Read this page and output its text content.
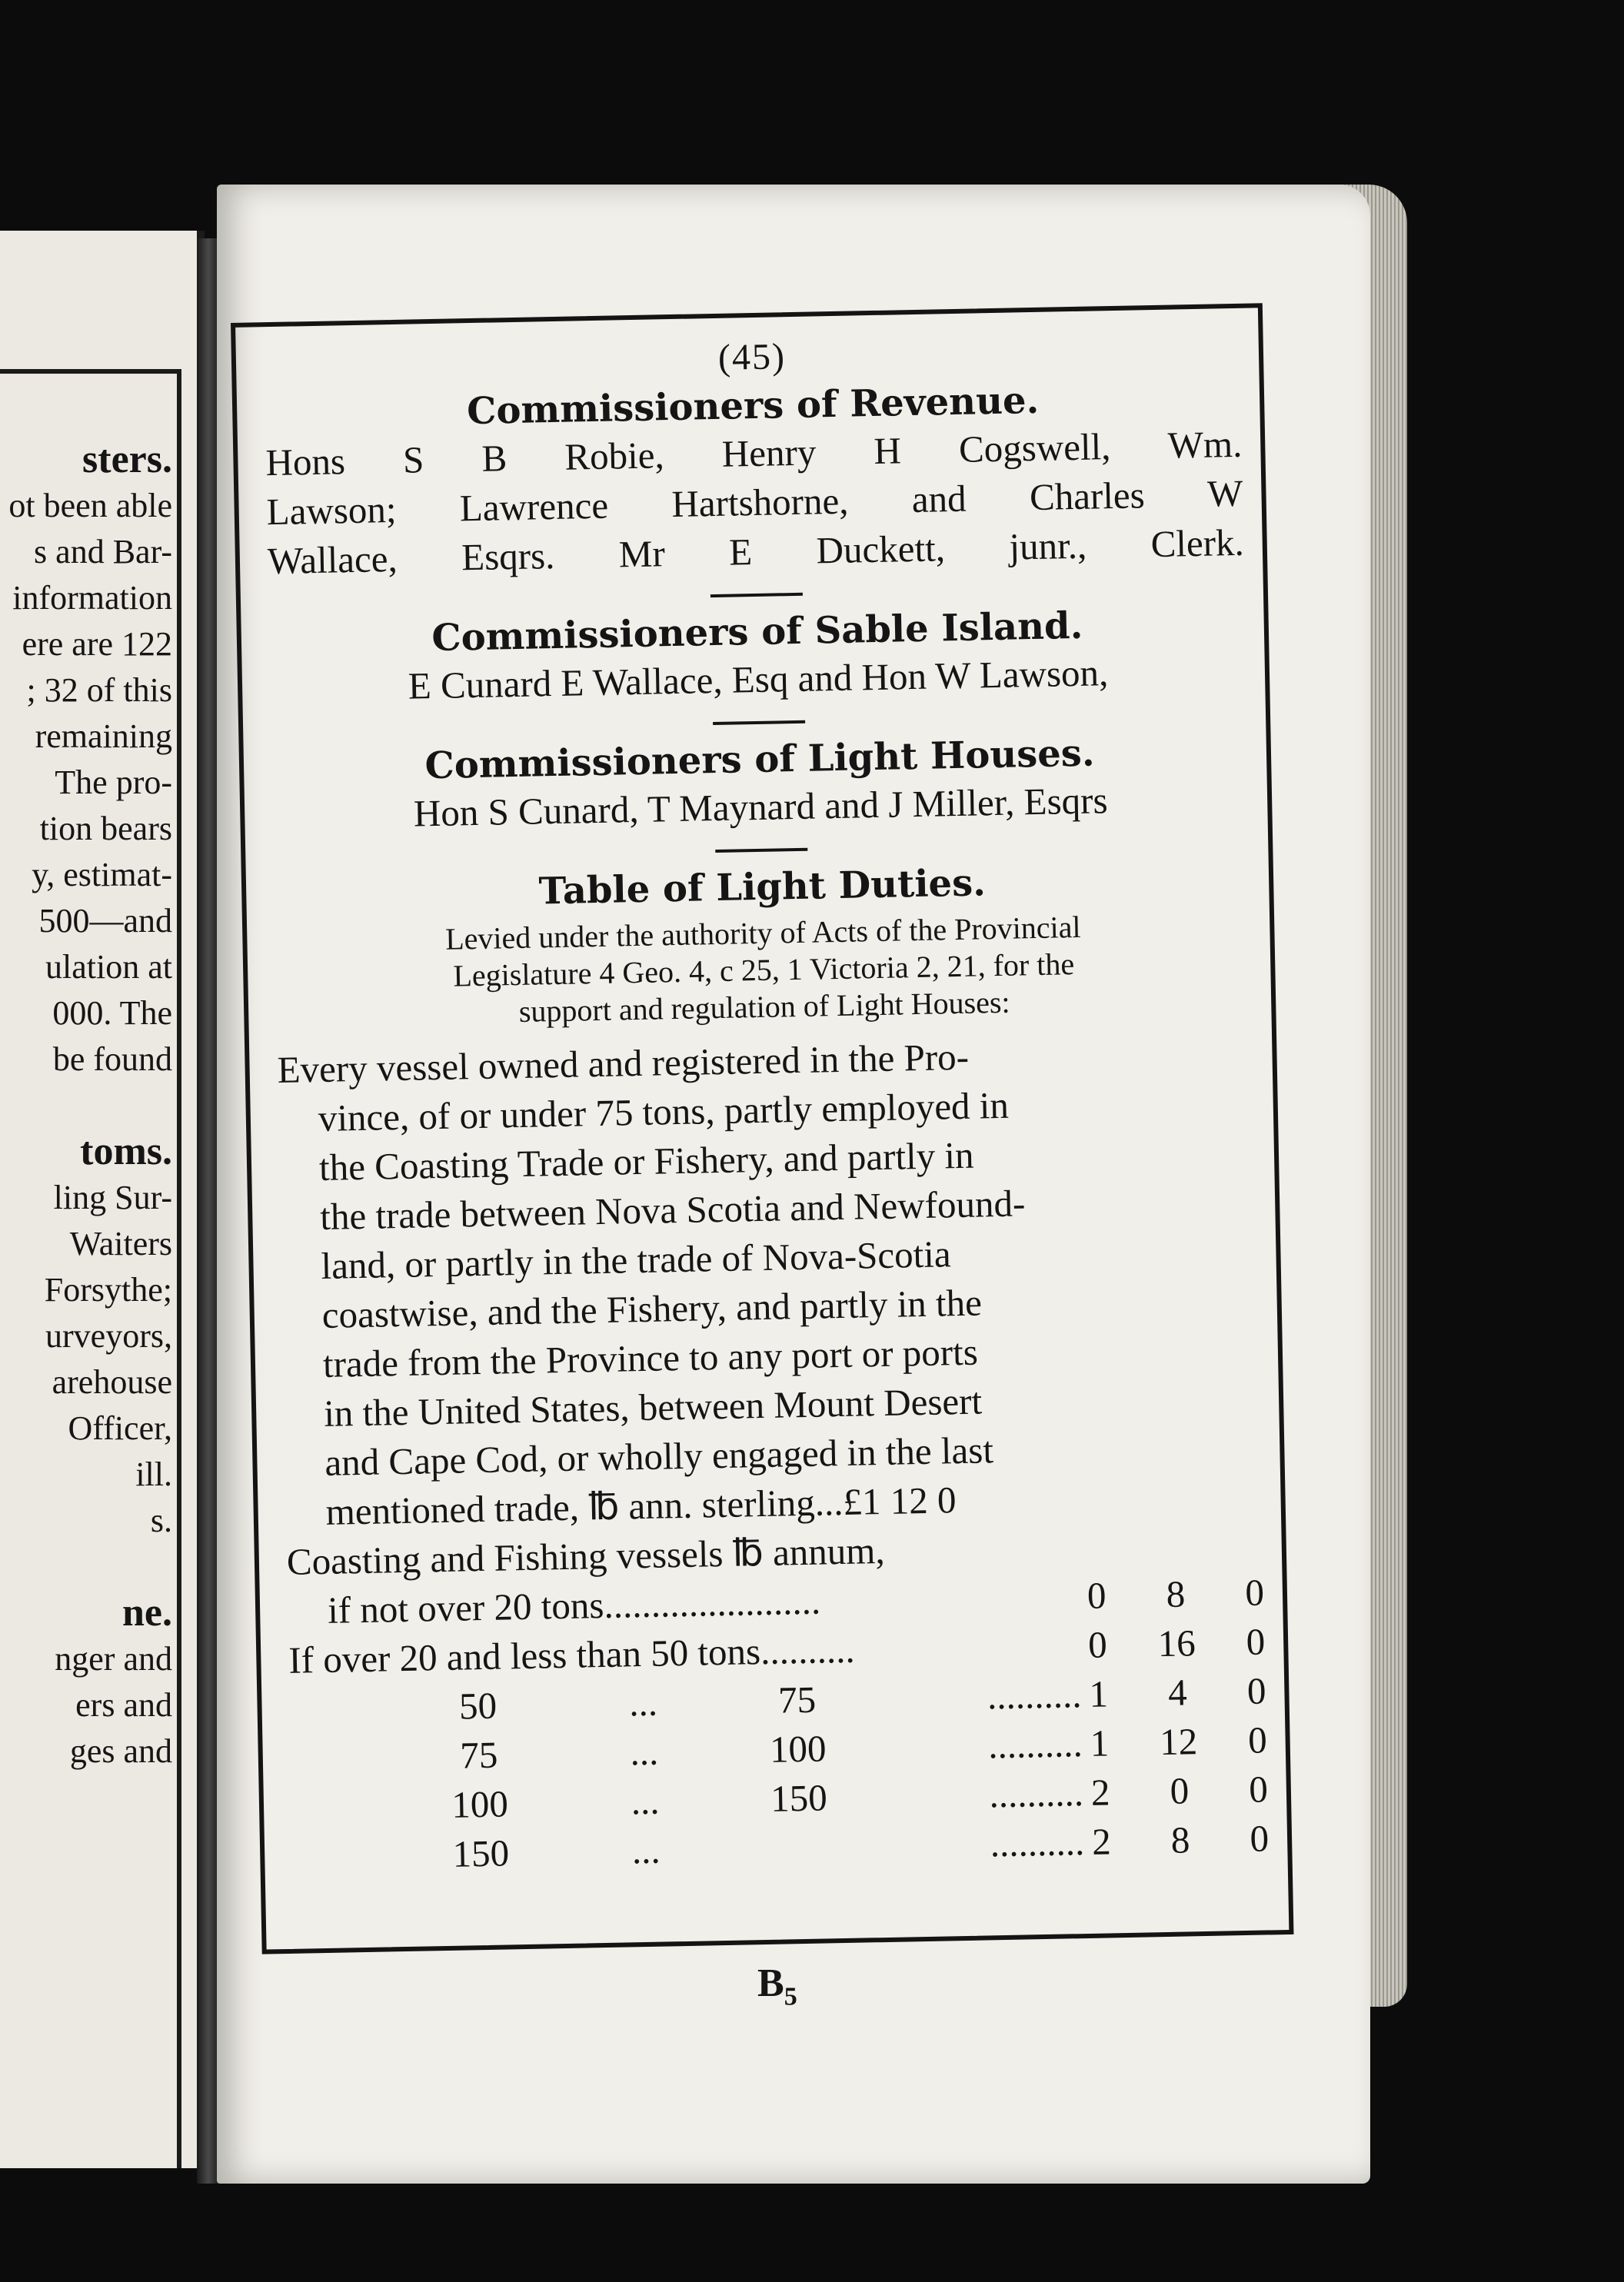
sters.
ot been able
s and Bar-
information
ere are 122
; 32 of this
remaining
The pro-
tion bears
y, estimat-
500—and
ulation at
000. The
be found
toms.
ling Sur-
Waiters
Forsythe;
urveyors,
arehouse
Officer,
ill.
s.
ne.
nger and
ers and
ges and
(45)
Commissioners of Revenue.
Hons S B Robie, Henry H Cogswell, Wm.
Lawson; Lawrence Hartshorne, and Charles W
Wallace, Esqrs. Mr E Duckett, junr., Clerk.
Commissioners of Sable Island.
E Cunard E Wallace, Esq and Hon W Lawson,
Commissioners of Light Houses.
Hon S Cunard, T Maynard and J Miller, Esqrs
Table of Light Duties.
Levied under the authority of Acts of the Provincial
Legislature 4 Geo. 4, c 25, 1 Victoria 2, 21, for the
support and regulation of Light Houses:
Every vessel owned and registered in the Pro-
vince, of or under 75 tons, partly employed in
the Coasting Trade or Fishery, and partly in
the trade between Nova Scotia and Newfound-
land, or partly in the trade of Nova-Scotia
coastwise, and the Fishery, and partly in the
trade from the Province to any port or ports
in the United States, between Mount Desert
and Cape Cod, or wholly engaged in the last
mentioned trade, ℔ ann. sterling...£1 12 0
Coasting and Fishing vessels ℔ annum,
if not over 20 tons.......................	0 8 0
If over 20 and less than 50 tons..........	0 16 0
50	...	75	.......... 1 4 0
75	...	100	.......... 1 12 0
100	...	150	.......... 2 0 0
150	...	.......... 2 8 0
$B_5$
